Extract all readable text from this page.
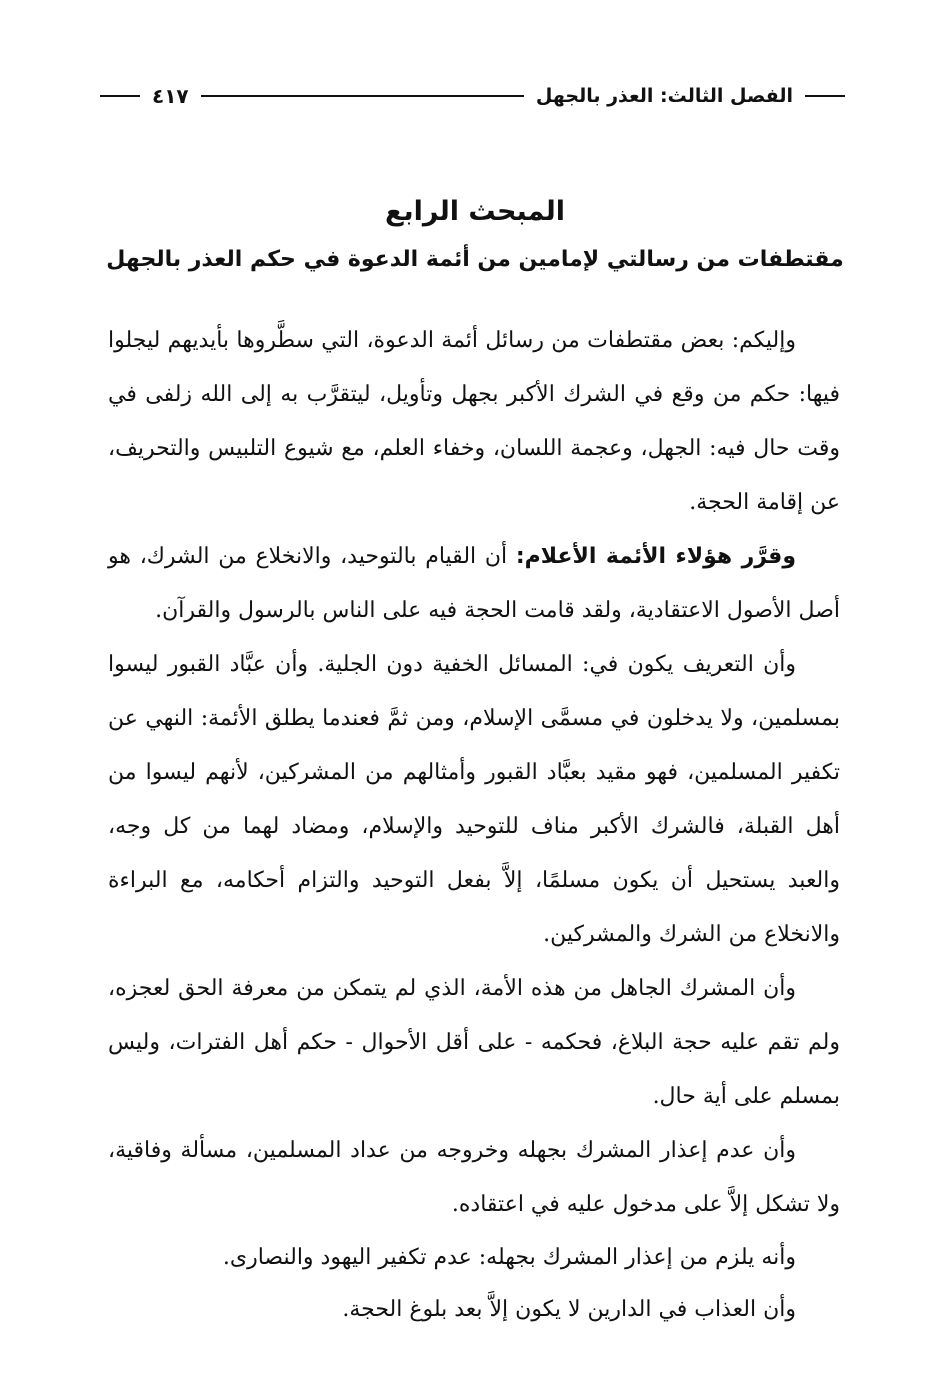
الفصل الثالث: العذر بالجهل
٤١٧
المبحث الرابع
مقتطفات من رسالتي لإمامين من أئمة الدعوة في حكم العذر بالجهل

وإليكم: بعض مقتطفات من رسائل أئمة الدعوة، التي سطَّروها بأيديهم ليجلوا فيها: حكم من وقع في الشرك الأكبر بجهل وتأويل، ليتقرَّب به إلى الله زلفى في وقت حال فيه: الجهل، وعجمة اللسان، وخفاء العلم، مع شيوع التلبيس والتحريف، عن إقامة الحجة.

وقرَّر هؤلاء الأئمة الأعلام: أن القيام بالتوحيد، والانخلاع من الشرك، هو أصل الأصول الاعتقادية، ولقد قامت الحجة فيه على الناس بالرسول والقرآن.

وأن التعريف يكون في: المسائل الخفية دون الجلية. وأن عبَّاد القبور ليسوا بمسلمين، ولا يدخلون في مسمَّى الإسلام، ومن ثمَّ فعندما يطلق الأئمة: النهي عن تكفير المسلمين، فهو مقيد بعبَّاد القبور وأمثالهم من المشركين، لأنهم ليسوا من أهل القبلة، فالشرك الأكبر مناف للتوحيد والإسلام، ومضاد لهما من كل وجه، والعبد يستحيل أن يكون مسلمًا، إلاَّ بفعل التوحيد والتزام أحكامه، مع البراءة والانخلاع من الشرك والمشركين.

وأن المشرك الجاهل من هذه الأمة، الذي لم يتمكن من معرفة الحق لعجزه، ولم تقم عليه حجة البلاغ، فحكمه - على أقل الأحوال - حكم أهل الفترات، وليس بمسلم على أية حال.

وأن عدم إعذار المشرك بجهله وخروجه من عداد المسلمين، مسألة وفاقية، ولا تشكل إلاَّ على مدخول عليه في اعتقاده.

وأنه يلزم من إعذار المشرك بجهله: عدم تكفير اليهود والنصارى.

وأن العذاب في الدارين لا يكون إلاَّ بعد بلوغ الحجة.
